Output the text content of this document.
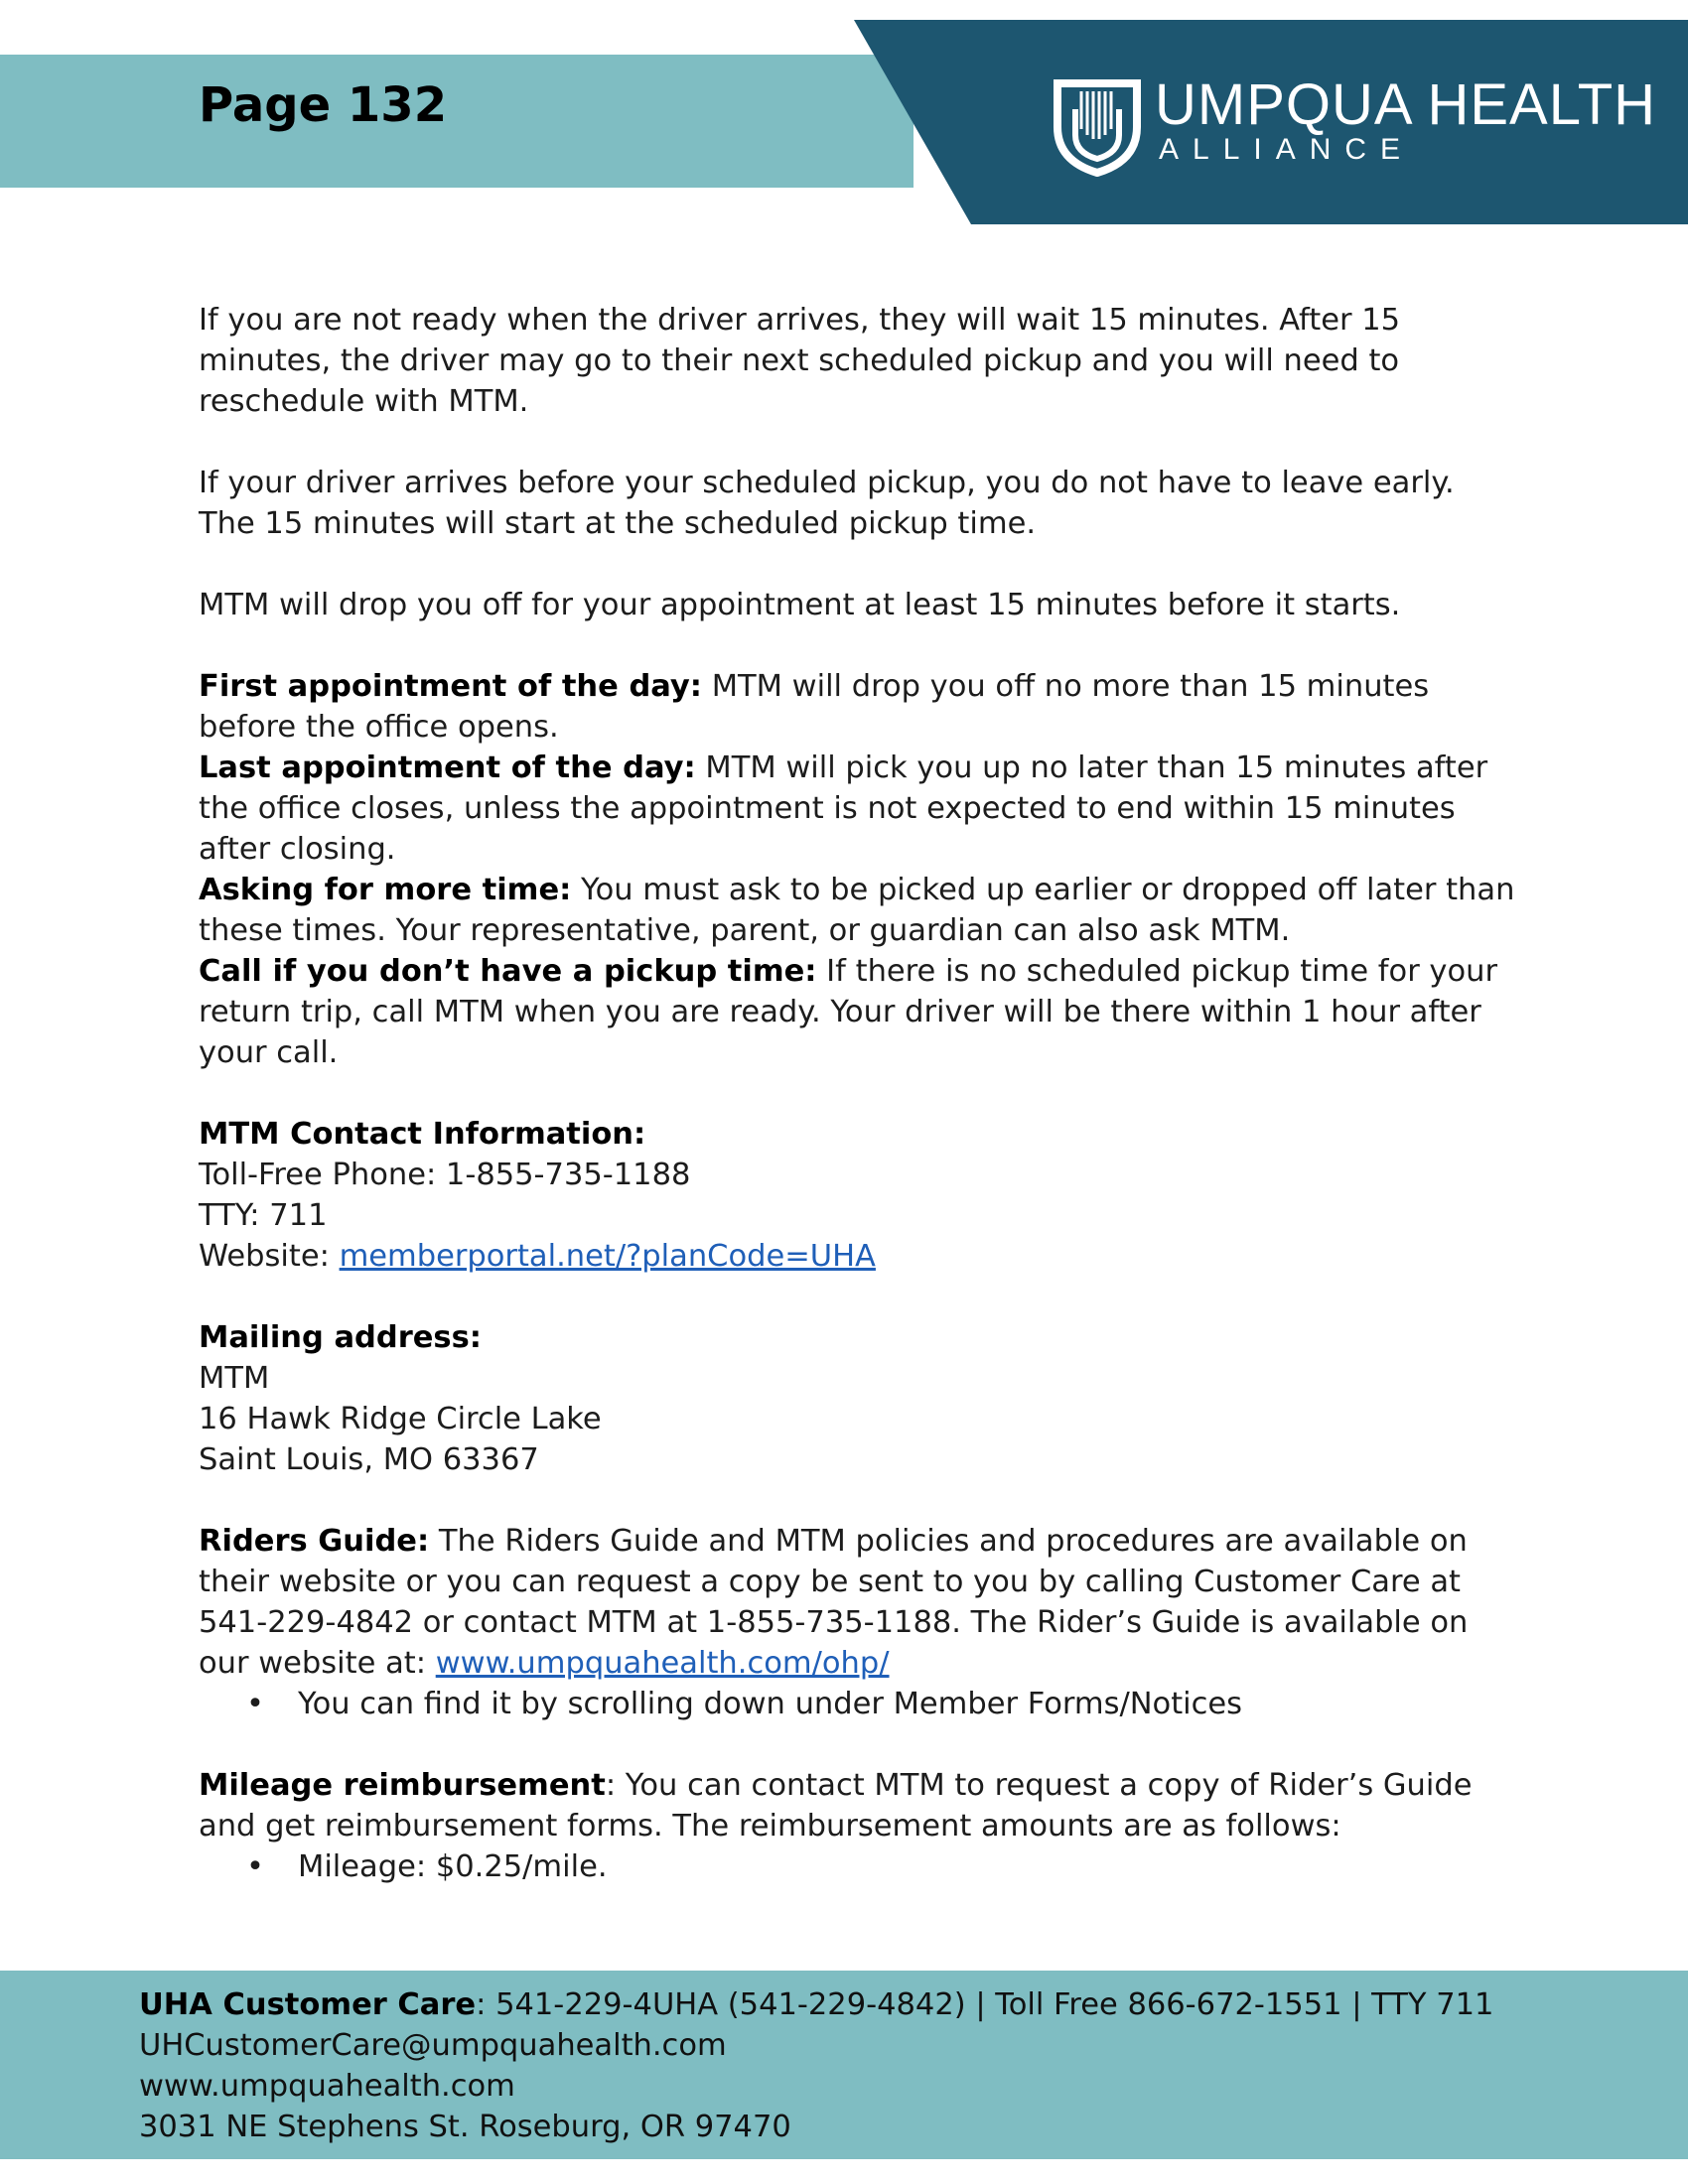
Page 132	UMPQUA HEALTH
ALLIANCE

If you are not ready when the driver arrives, they will wait 15 minutes. After 15 minutes, the driver may go to their next scheduled pickup and you will need to reschedule with MTM.

If your driver arrives before your scheduled pickup, you do not have to leave early. The 15 minutes will start at the scheduled pickup time.

MTM will drop you off for your appointment at least 15 minutes before it starts.

First appointment of the day: MTM will drop you off no more than 15 minutes before the office opens.

Last appointment of the day: MTM will pick you up no later than 15 minutes after the office closes, unless the appointment is not expected to end within 15 minutes after closing.

Asking for more time: You must ask to be picked up earlier or dropped off later than these times. Your representative, parent, or guardian can also ask MTM.

Call if you don’t have a pickup time: If there is no scheduled pickup time for your return trip, call MTM when you are ready. Your driver will be there within 1 hour after your call.

MTM Contact Information:
Toll-Free Phone: 1-855-735-1188
TTY: 711
Website: memberportal.net/?planCode=UHA

Mailing address:
MTM
16 Hawk Ridge Circle Lake
Saint Louis, MO 63367

Riders Guide: The Riders Guide and MTM policies and procedures are available on their website or you can request a copy be sent to you by calling Customer Care at 541-229-4842 or contact MTM at 1-855-735-1188. The Rider’s Guide is available on our website at: www.umpquahealth.com/ohp/

• You can find it by scrolling down under Member Forms/Notices

Mileage reimbursement: You can contact MTM to request a copy of Rider’s Guide and get reimbursement forms. The reimbursement amounts are as follows:

• Mileage: $0.25/mile.
UHA Customer Care: 541-229-4UHA (541-229-4842) | Toll Free 866-672-1551 | TTY 711
UHCustomerCare@umpquahealth.com
www.umpquahealth.com
3031 NE Stephens St. Roseburg, OR 97470
